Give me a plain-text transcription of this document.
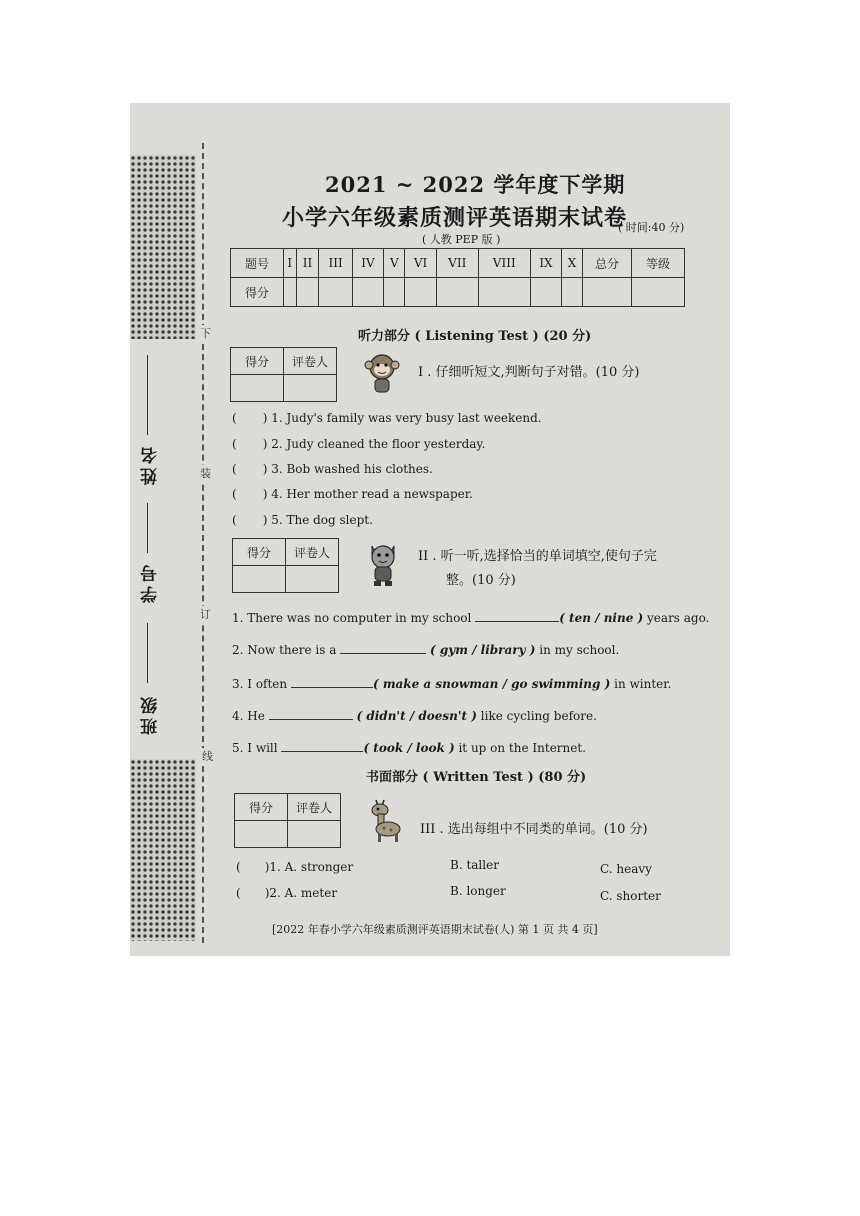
下
装
订
线
姓名
学号
班级
2021 ~ 2022 学年度下学期
小学六年级素质测评英语期末试卷
( 人教 PEP 版 )
( 时间:40 分)
题号	I	II	III	IV	V	VI	VII	VIII	IX	X	总分	等级
得分												
听力部分 ( Listening Test ) (20 分)
得分	评卷人

I . 仔细听短文,判断句子对错。(10 分)
( ) 1. Judy's family was very busy last weekend.
( ) 2. Judy cleaned the floor yesterday.
( ) 3. Bob washed his clothes.
( ) 4. Her mother read a newspaper.
( ) 5. The dog slept.
得分	评卷人
		II . 听一听,选择恰当的单词填空,使句子完
整。(10 分)
1. There was no computer in my school	( ten / nine ) years ago.
2. Now there is a	( gym / library ) in my school.
3. I often	( make a snowman / go swimming ) in winter.
4. He	( didn't / doesn't ) like cycling before.
5. I will	( took / look ) it up on the Internet.
书面部分 ( Written Test ) (80 分)
得分	评卷人

III . 选出每组中不同类的单词。(10 分)
( )1. A. stronger	B. taller	C. heavy
( )2. A. meter	B. longer	C. shorter
[2022 年春小学六年级素质测评英语期末试卷(人) 第 1 页 共 4 页]
